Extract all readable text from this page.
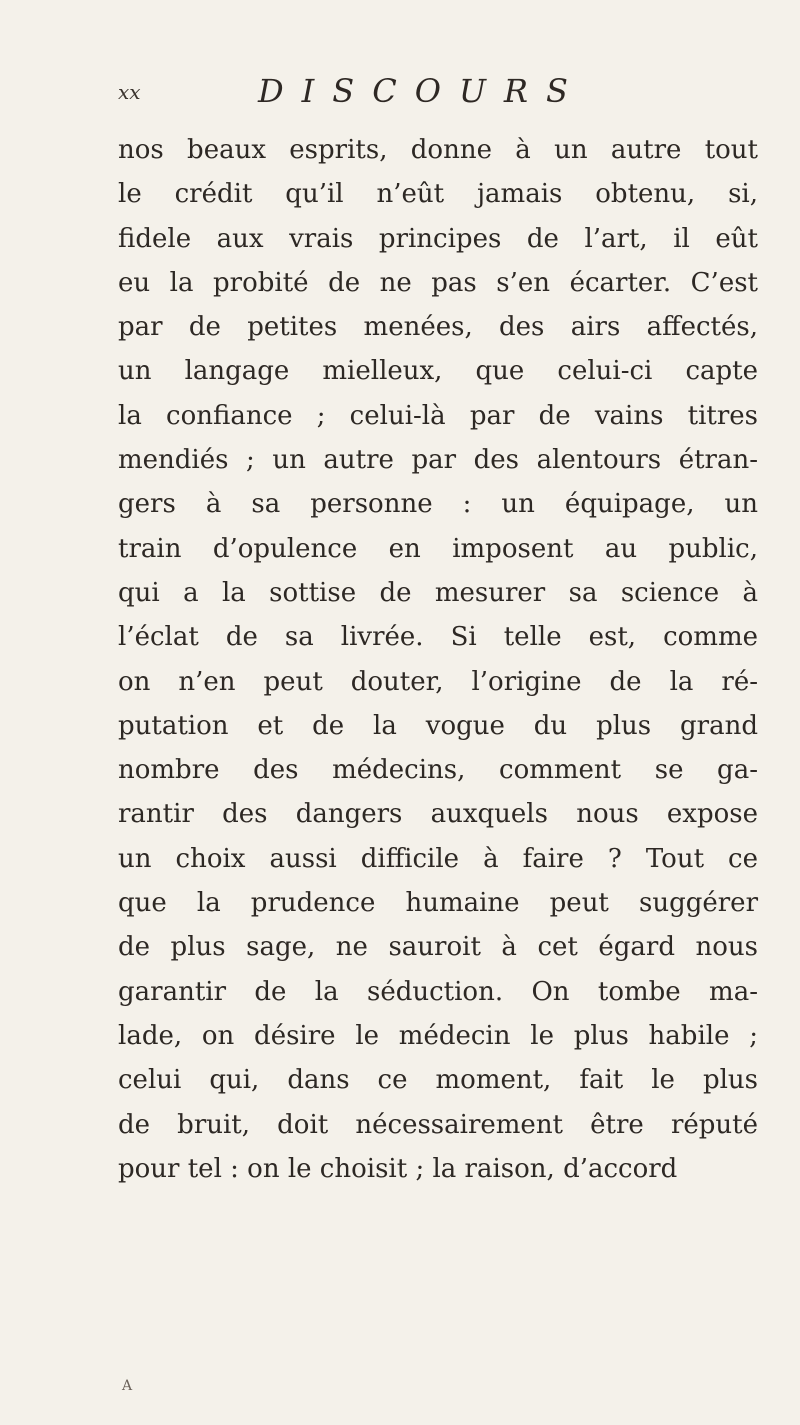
xx	DISCOURS
nos beaux esprits, donne à un autre tout
le crédit qu’il n’eût jamais obtenu, si,
fidele aux vrais principes de l’art, il eût
eu la probité de ne pas s’en écarter. C’est
par de petites menées, des airs affectés,
un langage mielleux, que celui-ci capte
la confiance ; celui-là par de vains titres
mendiés ; un autre par des alentours étran-
gers à sa personne : un équipage, un
train d’opulence en imposent au public,
qui a la sottise de mesurer sa science à
l’éclat de sa livrée. Si telle est, comme
on n’en peut douter, l’origine de la ré-
putation et de la vogue du plus grand
nombre des médecins, comment se ga-
rantir des dangers auxquels nous expose
un choix aussi difficile à faire ? Tout ce
que la prudence humaine peut suggérer
de plus sage, ne sauroit à cet égard nous
garantir de la séduction. On tombe ma-
lade, on désire le médecin le plus habile ;
celui qui, dans ce moment, fait le plus
de bruit, doit nécessairement être réputé
pour tel : on le choisit ; la raison, d’accord
A
